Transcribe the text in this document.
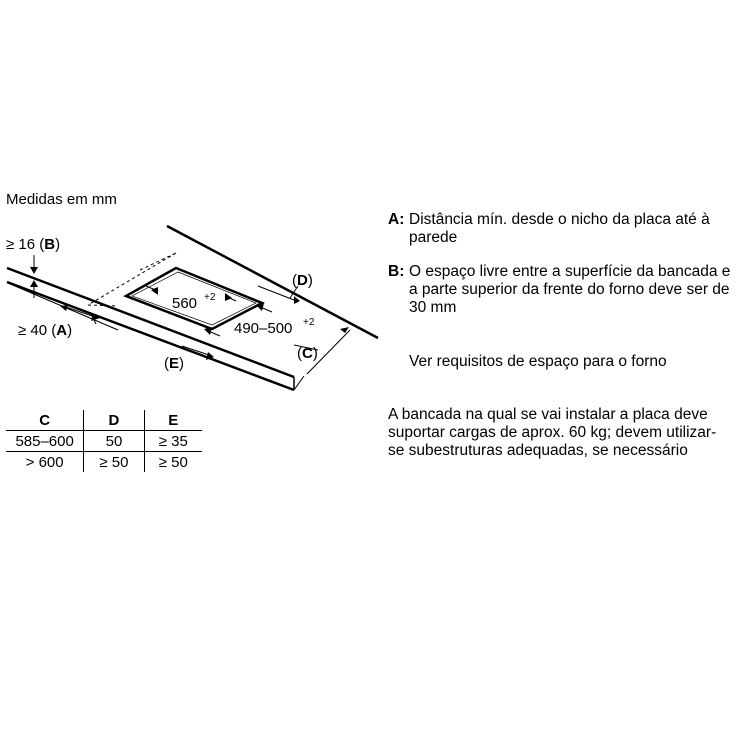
Medidas em mm
560 +2
490–500 +2
≥ 16 (B)
≥ 40 (A)
(D)
(C)
(E)
C	D	E
585–600	50	≥ 35
> 600	≥ 50	≥ 50
A: Distância mín. desde o nicho da placa até à parede
B: O espaço livre entre a superfície da bancada e a parte superior da frente do forno deve ser de 30 mm
Ver requisitos de espaço para o forno
A bancada na qual se vai instalar a placa deve suportar cargas de aprox. 60 kg; devem utilizar-se subestruturas adequadas, se necessário
